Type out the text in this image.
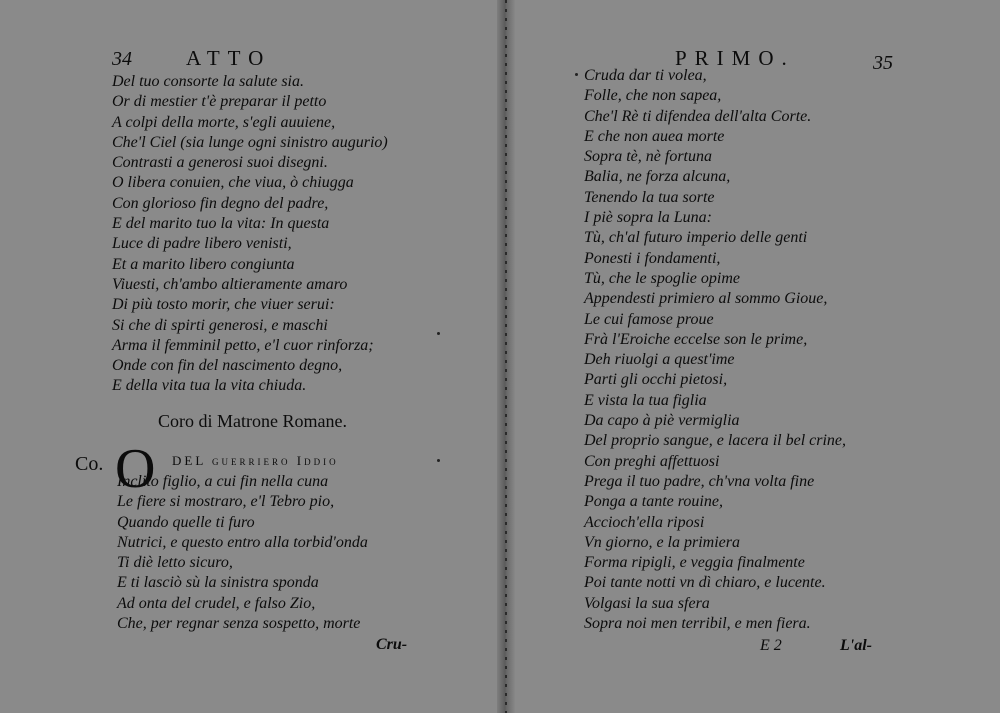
34	ATTO
Del tuo consorte la salute sia.
Or di mestier t'è preparar il petto
A colpi della morte, s'egli auuiene,
Che'l Ciel (sia lunge ogni sinistro augurio)
Contrasti a generosi suoi disegni.
O libera conuien, che viua, ò chiugga
Con glorioso fin degno del padre,
E del marito tuo la vita: In questa
Luce di padre libero venisti,
Et a marito libero congiunta
Viuesti, ch'ambo altieramente amaro
Di più tosto morir, che viuer serui:
Si che di spirti generosi, e maschi
Arma il femminil petto, e'l cuor rinforza;
Onde con fin del nascimento degno,
E della vita tua la vita chiuda.
Coro di Matrone Romane.
Co. O DEL guerriero Iddio
Inclito figlio, a cui fin nella cuna
Le fiere si mostraro, e'l Tebro pio,
Quando quelle ti furo
Nutrici, e questo entro alla torbid'onda
Ti diè letto sicuro,
E ti lasciò sù la sinistra sponda
Ad onta del crudel, e falso Zio,
Che, per regnar senza sospetto, morte
Cru-
PRIMO.	35
Cruda dar ti volea,
Folle, che non sapea,
Che'l Rè ti difendea dell'alta Corte.
E che non auea morte
Sopra tè, nè fortuna
Balia, ne forza alcuna,
Tenendo la tua sorte
I piè sopra la Luna:
Tù, ch'al futuro imperio delle genti
Ponesti i fondamenti,
Tù, che le spoglie opime
Appendesti primiero al sommo Gioue,
Le cui famose proue
Frà l'Eroiche eccelse son le prime,
Deh riuolgi a quest'ime
Parti gli occhi pietosi,
E vista la tua figlia
Da capo à piè vermiglia
Del proprio sangue, e lacera il bel crine,
Con preghi affettuosi
Prega il tuo padre, ch'vna volta fine
Ponga a tante rouine,
Accioch'ella riposi
Vn giorno, e la primiera
Forma ripigli, e veggia finalmente
Poi tante notti vn dì chiaro, e lucente.
Volgasi la sua sfera
Sopra noi men terribil, e men fiera.
E 2	L'al-
